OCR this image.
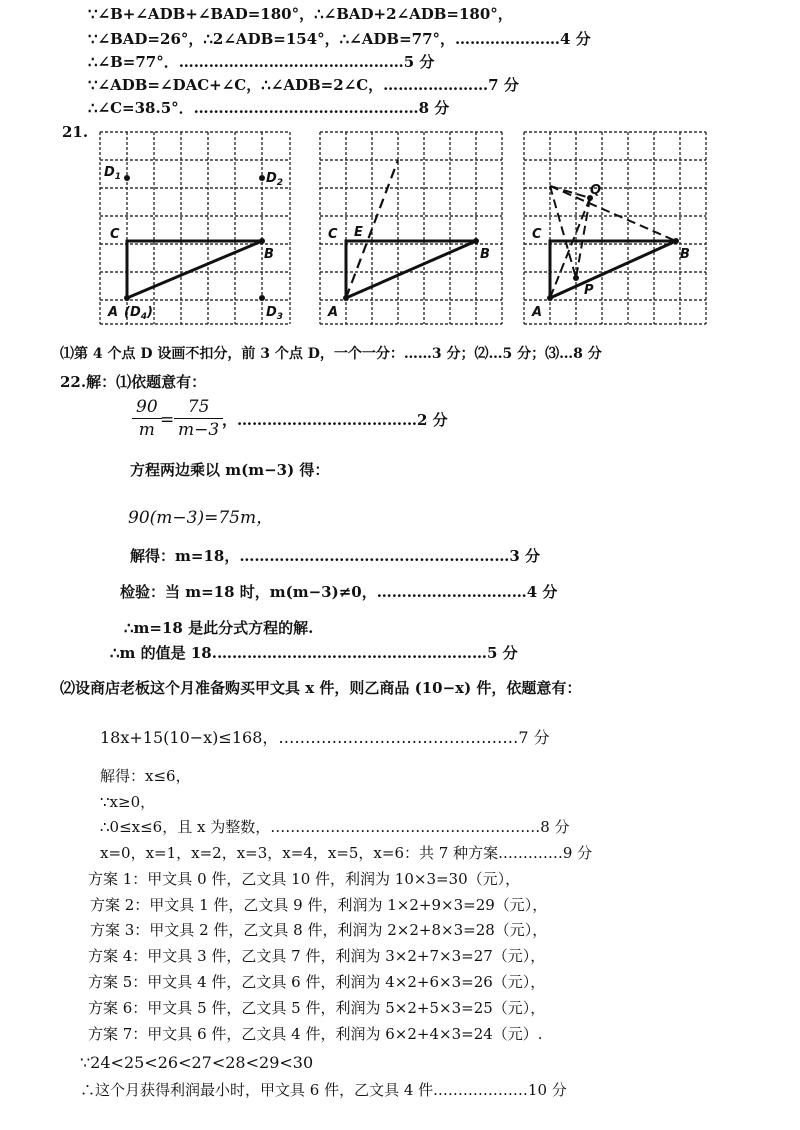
∵∠B+∠ADB+∠BAD=180°，∴∠BAD+2∠ADB=180°，
∵∠BAD=26°，∴2∠ADB=154°，∴∠ADB=77°，…………………4 分
∴∠B=77°．………………………………………5 分
∵∠ADB=∠DAC+∠C，∴∠ADB=2∠C，…………………7 分
∴∠C=38.5°．………………………………………8 分
21.
$D_1$	$D_2$
C
B
A $(D_4)$	$D_3$
C E
B
A
C
Q
B
A
P
⑴第 4 个点 D 设画不扣分，前 3 个点 D，一个一分：……3 分；⑵…5 分；⑶…8 分
22.解：⑴依题意有：
90
m =
75
m−3 ，………………………………2 分
方程两边乘以 m(m−3) 得：
90(m−3)=75m，
解得：m=18，………………………………………………3 分
检验：当 m=18 时，m(m−3)≠0，…………………………4 分
∴m=18 是此分式方程的解.
∴m 的值是 18.………………………………………………5 分
⑵设商店老板这个月准备购买甲文具 x 件，则乙商品 (10−x) 件，依题意有：
18x+15(10−x)≤168，………………………………………7 分
解得：x≤6，
∵x≥0，
∴0≤x≤6，且 x 为整数，………………………………………………8 分
x=0，x=1，x=2，x=3，x=4，x=5，x=6：共 7 种方案.…………9 分
方案 1：甲文具 0 件，乙文具 10 件，利润为 10×3=30（元），
方案 2：甲文具 1 件，乙文具 9 件，利润为 1×2+9×3=29（元），
方案 3：甲文具 2 件，乙文具 8 件，利润为 2×2+8×3=28（元），
方案 4：甲文具 3 件，乙文具 7 件，利润为 3×2+7×3=27（元），
方案 5：甲文具 4 件，乙文具 6 件，利润为 4×2+6×3=26（元），
方案 6：甲文具 5 件，乙文具 5 件，利润为 5×2+5×3=25（元），
方案 7：甲文具 6 件，乙文具 4 件，利润为 6×2+4×3=24（元）.
∵24<25<26<27<28<29<30
∴这个月获得利润最小时，甲文具 6 件，乙文具 4 件.………………10 分
